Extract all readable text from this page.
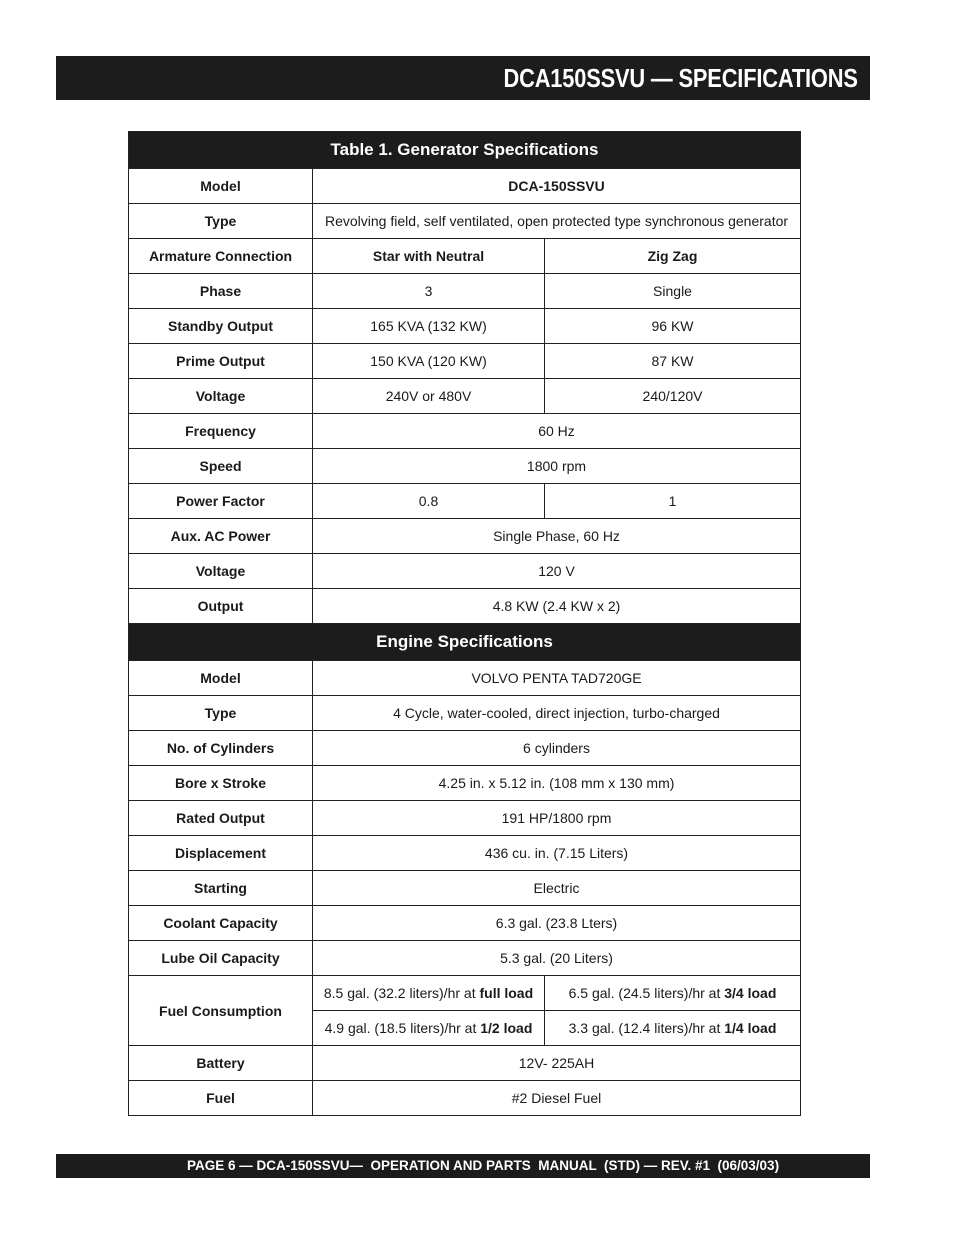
DCA150SSVU — SPECIFICATIONS
Table 1. Generator Specifications		
Model	DCA-150SSVU	
Type	Revolving field, self ventilated, open protected type synchronous generator	
Armature Connection	Star with Neutral	Zig Zag
Phase	3	Single
Standby Output	165 KVA (132 KW)	96 KW
Prime Output	150 KVA (120 KW)	87 KW
Voltage	240V or 480V	240/120V
Frequency	60 Hz	
Speed	1800 rpm	
Power Factor	0.8	1
Aux. AC Power	Single Phase, 60 Hz	
Voltage	120 V	
Output	4.8 KW (2.4 KW x 2)	
Engine Specifications		
Model	VOLVO PENTA TAD720GE	
Type	4 Cycle, water-cooled, direct injection, turbo-charged	
No. of Cylinders	6 cylinders	
Bore x Stroke	4.25 in. x 5.12 in. (108 mm x 130 mm)	
Rated Output	191 HP/1800 rpm	
Displacement	436 cu. in. (7.15 Liters)	
Starting	Electric	
Coolant Capacity	6.3 gal. (23.8 Lters)	
Lube Oil Capacity	5.3 gal. (20 Liters)	
Fuel Consumption	8.5 gal. (32.2 liters)/hr at full load	6.5 gal. (24.5 liters)/hr at 3/4 load
	4.9 gal. (18.5 liters)/hr at 1/2 load	3.3 gal. (12.4 liters)/hr at 1/4 load
Battery	12V- 225AH	
Fuel	#2 Diesel Fuel	
PAGE 6 — DCA-150SSVU—  OPERATION AND PARTS  MANUAL  (STD) — REV. #1  (06/03/03)
